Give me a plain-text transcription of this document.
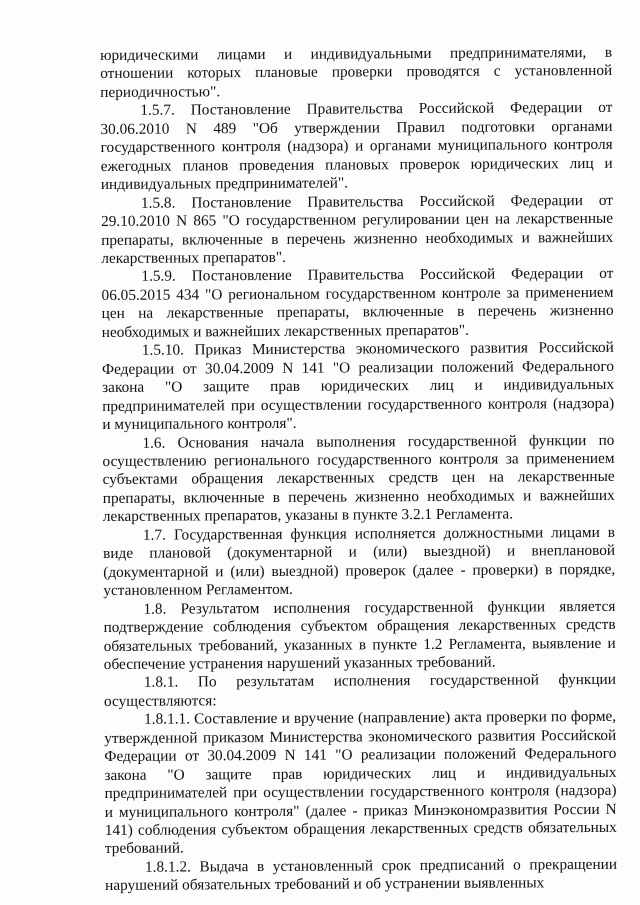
юридическими лицами и индивидуальными предпринимателями, в отношении которых плановые проверки проводятся с установленной периодичностью".

1.5.7. Постановление Правительства Российской Федерации от 30.06.2010 N 489 "Об утверждении Правил подготовки органами государственного контроля (надзора) и органами муниципального контроля ежегодных планов проведения плановых проверок юридических лиц и индивидуальных предпринимателей".

1.5.8. Постановление Правительства Российской Федерации от 29.10.2010 N 865 "О государственном регулировании цен на лекарственные препараты, включенные в перечень жизненно необходимых и важнейших лекарственных препаратов".

1.5.9. Постановление Правительства Российской Федерации от 06.05.2015 434 "О региональном государственном контроле за применением цен на лекарственные препараты, включенные в перечень жизненно необходимых и важнейших лекарственных препаратов".

1.5.10. Приказ Министерства экономического развития Российской Федерации от 30.04.2009 N 141 "О реализации положений Федерального закона "О защите прав юридических лиц и индивидуальных предпринимателей при осуществлении государственного контроля (надзора) и муниципального контроля".

1.6. Основания начала выполнения государственной функции по осуществлению регионального государственного контроля за применением субъектами обращения лекарственных средств цен на лекарственные препараты, включенные в перечень жизненно необходимых и важнейших лекарственных препаратов, указаны в пункте 3.2.1 Регламента.

1.7. Государственная функция исполняется должностными лицами в виде плановой (документарной и (или) выездной) и внеплановой (документарной и (или) выездной) проверок (далее - проверки) в порядке, установленном Регламентом.

1.8. Результатом исполнения государственной функции является подтверждение соблюдения субъектом обращения лекарственных средств обязательных требований, указанных в пункте 1.2 Регламента, выявление и обеспечение устранения нарушений указанных требований.

1.8.1. По результатам исполнения государственной функции осуществляются:

1.8.1.1. Составление и вручение (направление) акта проверки по форме, утвержденной приказом Министерства экономического развития Российской Федерации от 30.04.2009 N 141 "О реализации положений Федерального закона "О защите прав юридических лиц и индивидуальных предпринимателей при осуществлении государственного контроля (надзора) и муниципального контроля" (далее - приказ Минэкономразвития России N 141) соблюдения субъектом обращения лекарственных средств обязательных требований.

1.8.1.2. Выдача в установленный срок предписаний о прекращении нарушений обязательных требований и об устранении выявленных
